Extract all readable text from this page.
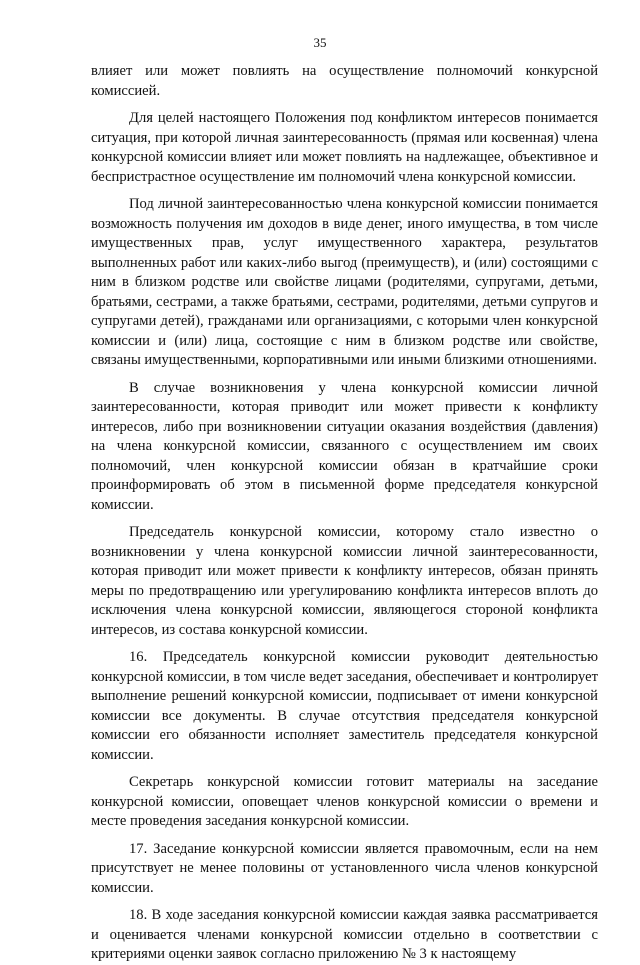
35

влияет или может повлиять на осуществление полномочий конкурсной комиссией.

Для целей настоящего Положения под конфликтом интересов понимается ситуация, при которой личная заинтересованность (прямая или косвенная) члена конкурсной комиссии влияет или может повлиять на надлежащее, объективное и беспристрастное осуществление им полномочий члена конкурсной комиссии.

Под личной заинтересованностью члена конкурсной комиссии понимается возможность получения им доходов в виде денег, иного имущества, в том числе имущественных прав, услуг имущественного характера, результатов выполненных работ или каких-либо выгод (преимуществ), и (или) состоящими с ним в близком родстве или свойстве лицами (родителями, супругами, детьми, братьями, сестрами, а также братьями, сестрами, родителями, детьми супругов и супругами детей), гражданами или организациями, с которыми член конкурсной комиссии и (или) лица, состоящие с ним в близком родстве или свойстве, связаны имущественными, корпоративными или иными близкими отношениями.

В случае возникновения у члена конкурсной комиссии личной заинтересованности, которая приводит или может привести к конфликту интересов, либо при возникновении ситуации оказания воздействия (давления) на члена конкурсной комиссии, связанного с осуществлением им своих полномочий, член конкурсной комиссии обязан в кратчайшие сроки проинформировать об этом в письменной форме председателя конкурсной комиссии.

Председатель конкурсной комиссии, которому стало известно о возникновении у члена конкурсной комиссии личной заинтересованности, которая приводит или может привести к конфликту интересов, обязан принять меры по предотвращению или урегулированию конфликта интересов вплоть до исключения члена конкурсной комиссии, являющегося стороной конфликта интересов, из состава конкурсной комиссии.

16. Председатель конкурсной комиссии руководит деятельностью конкурсной комиссии, в том числе ведет заседания, обеспечивает и контролирует выполнение решений конкурсной комиссии, подписывает от имени конкурсной комиссии все документы. В случае отсутствия председателя конкурсной комиссии его обязанности исполняет заместитель председателя конкурсной комиссии.

Секретарь конкурсной комиссии готовит материалы на заседание конкурсной комиссии, оповещает членов конкурсной комиссии о времени и месте проведения заседания конкурсной комиссии.

17. Заседание конкурсной комиссии является правомочным, если на нем присутствует не менее половины от установленного числа членов конкурсной комиссии.

18. В ходе заседания конкурсной комиссии каждая заявка рассматривается и оценивается членами конкурсной комиссии отдельно в соответствии с критериями оценки заявок согласно приложению № 3 к настоящему
